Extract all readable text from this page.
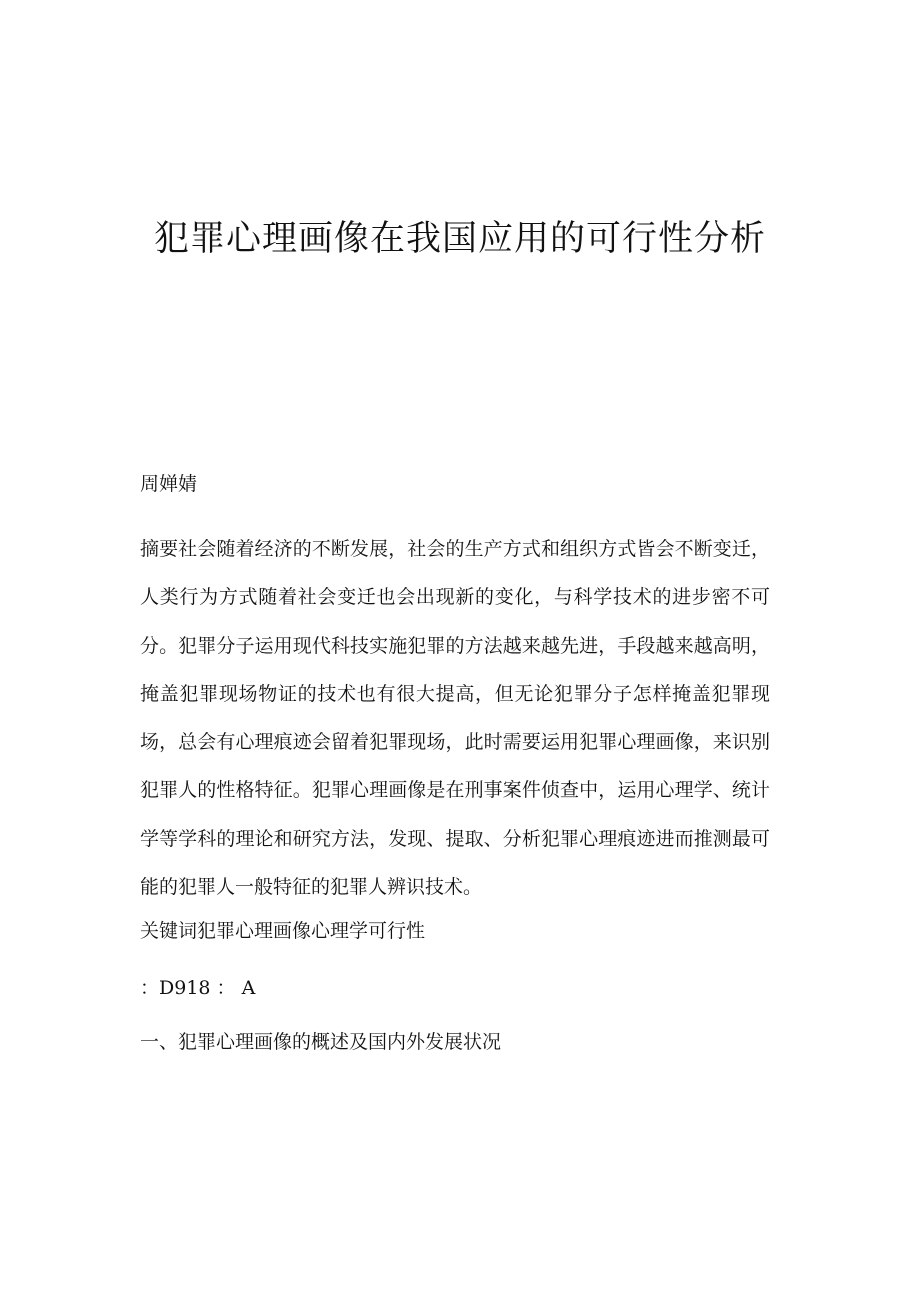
犯罪心理画像在我国应用的可行性分析

周婵婧

摘要社会随着经济的不断发展，社会的生产方式和组织方式皆会不断变迁，人类行为方式随着社会变迁也会出现新的变化，与科学技术的进步密不可分。犯罪分子运用现代科技实施犯罪的方法越来越先进，手段越来越高明，掩盖犯罪现场物证的技术也有很大提高，但无论犯罪分子怎样掩盖犯罪现场，总会有心理痕迹会留着犯罪现场，此时需要运用犯罪心理画像，来识别犯罪人的性格特征。犯罪心理画像是在刑事案件侦查中，运用心理学、统计学等学科的理论和研究方法，发现、提取、分析犯罪心理痕迹进而推测最可能的犯罪人一般特征的犯罪人辨识技术。

关键词犯罪心理画像心理学可行性

：D918 ： A

一、犯罪心理画像的概述及国内外发展状况
